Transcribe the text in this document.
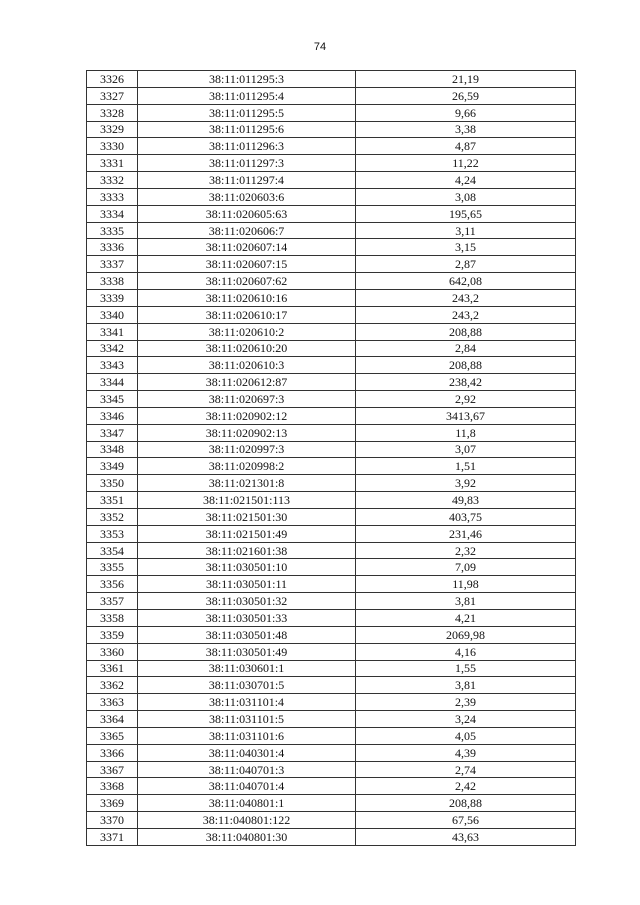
74
3326	38:11:011295:3	21,19
3327	38:11:011295:4	26,59
3328	38:11:011295:5	9,66
3329	38:11:011295:6	3,38
3330	38:11:011296:3	4,87
3331	38:11:011297:3	11,22
3332	38:11:011297:4	4,24
3333	38:11:020603:6	3,08
3334	38:11:020605:63	195,65
3335	38:11:020606:7	3,11
3336	38:11:020607:14	3,15
3337	38:11:020607:15	2,87
3338	38:11:020607:62	642,08
3339	38:11:020610:16	243,2
3340	38:11:020610:17	243,2
3341	38:11:020610:2	208,88
3342	38:11:020610:20	2,84
3343	38:11:020610:3	208,88
3344	38:11:020612:87	238,42
3345	38:11:020697:3	2,92
3346	38:11:020902:12	3413,67
3347	38:11:020902:13	11,8
3348	38:11:020997:3	3,07
3349	38:11:020998:2	1,51
3350	38:11:021301:8	3,92
3351	38:11:021501:113	49,83
3352	38:11:021501:30	403,75
3353	38:11:021501:49	231,46
3354	38:11:021601:38	2,32
3355	38:11:030501:10	7,09
3356	38:11:030501:11	11,98
3357	38:11:030501:32	3,81
3358	38:11:030501:33	4,21
3359	38:11:030501:48	2069,98
3360	38:11:030501:49	4,16
3361	38:11:030601:1	1,55
3362	38:11:030701:5	3,81
3363	38:11:031101:4	2,39
3364	38:11:031101:5	3,24
3365	38:11:031101:6	4,05
3366	38:11:040301:4	4,39
3367	38:11:040701:3	2,74
3368	38:11:040701:4	2,42
3369	38:11:040801:1	208,88
3370	38:11:040801:122	67,56
3371	38:11:040801:30	43,63
